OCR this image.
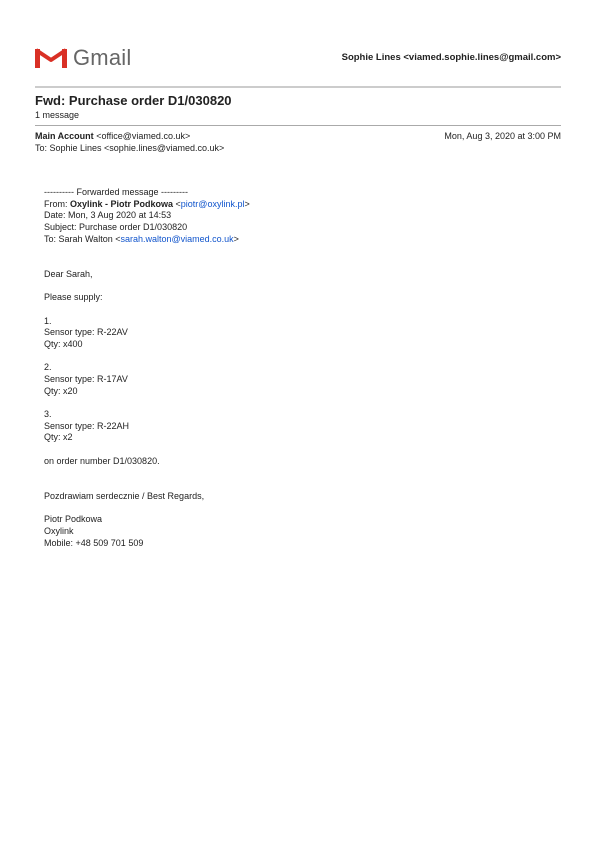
Gmail	Sophie Lines <viamed.sophie.lines@gmail.com>
Fwd: Purchase order D1/030820
1 message
Main Account <office@viamed.co.uk>	Mon, Aug 3, 2020 at 3:00 PM
To: Sophie Lines <sophie.lines@viamed.co.uk>
---------- Forwarded message ---------
From: Oxylink - Piotr Podkowa <piotr@oxylink.pl>
Date: Mon, 3 Aug 2020 at 14:53
Subject: Purchase order D1/030820
To: Sarah Walton <sarah.walton@viamed.co.uk>
Dear Sarah,
Please supply:
1.
Sensor type: R-22AV
Qty: x400
2.
Sensor type: R-17AV
Qty: x20
3.
Sensor type: R-22AH
Qty: x2
on order number D1/030820.
Pozdrawiam serdecznie / Best Regards,
Piotr Podkowa
Oxylink
Mobile: +48 509 701 509
